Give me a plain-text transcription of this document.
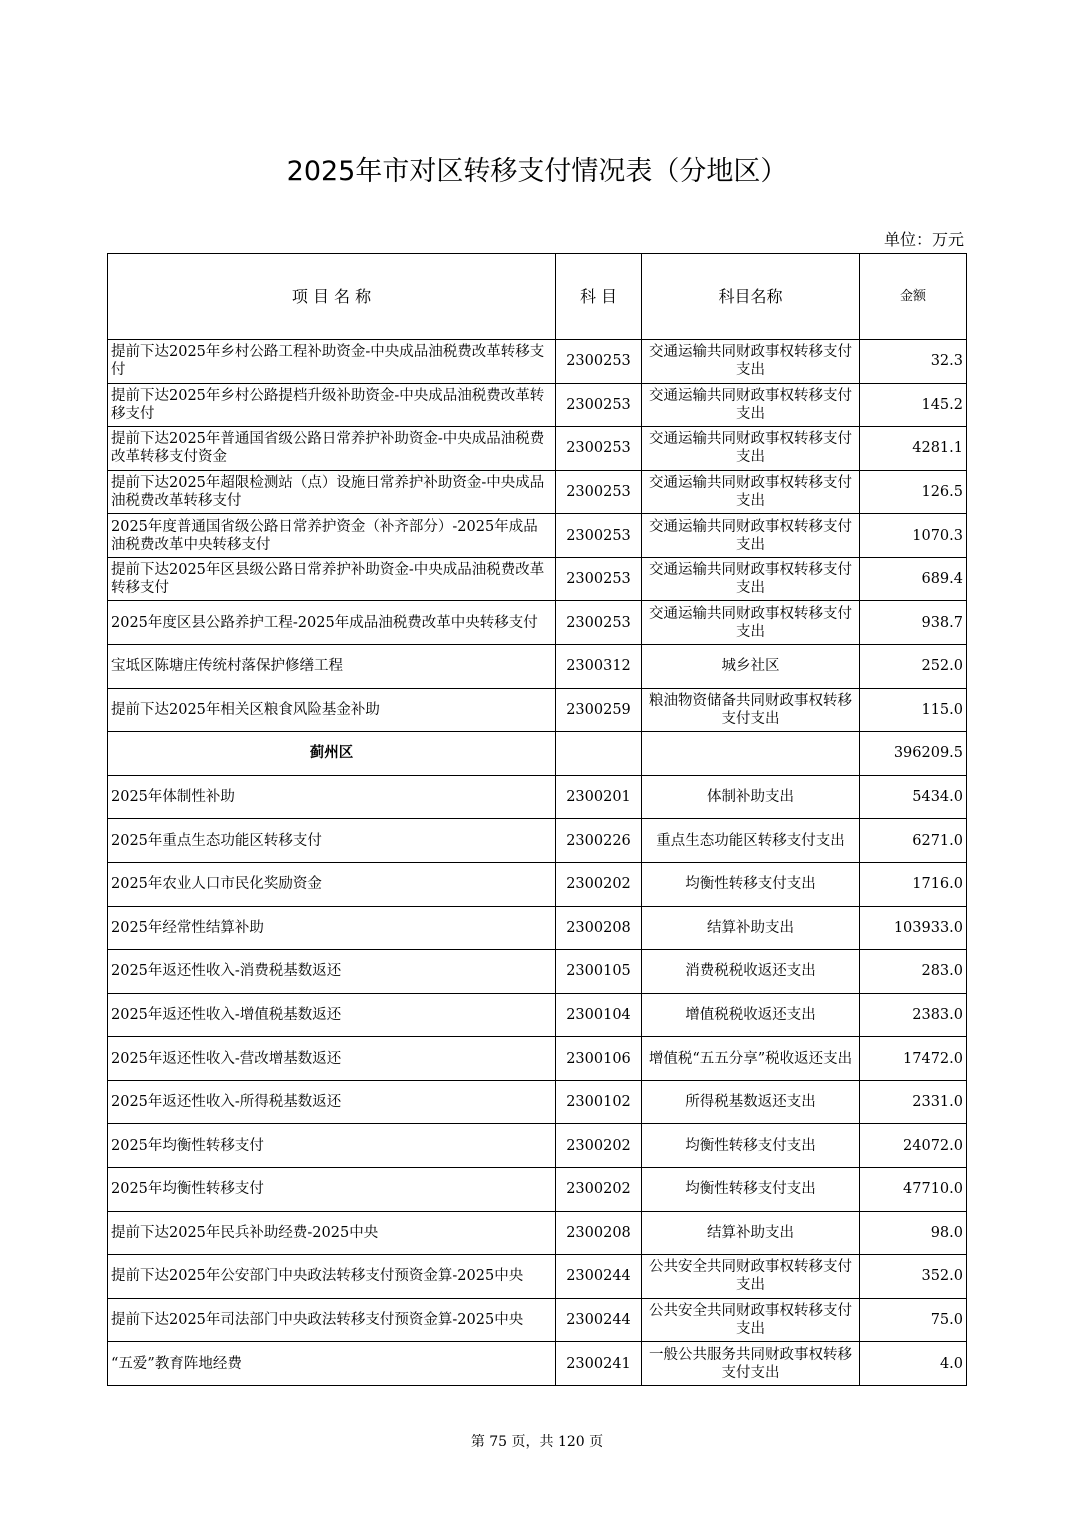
2025年市对区转移支付情况表（分地区）
单位：万元
项 目 名 称	科 目	科目名称	金额
提前下达2025年乡村公路工程补助资金-中央成品油税费改革转移支付	2300253	交通运输共同财政事权转移支付支出	32.3
提前下达2025年乡村公路提档升级补助资金-中央成品油税费改革转移支付	2300253	交通运输共同财政事权转移支付支出	145.2
提前下达2025年普通国省级公路日常养护补助资金-中央成品油税费改革转移支付资金	2300253	交通运输共同财政事权转移支付支出	4281.1
提前下达2025年超限检测站（点）设施日常养护补助资金-中央成品油税费改革转移支付	2300253	交通运输共同财政事权转移支付支出	126.5
2025年度普通国省级公路日常养护资金（补齐部分）-2025年成品油税费改革中央转移支付	2300253	交通运输共同财政事权转移支付支出	1070.3
提前下达2025年区县级公路日常养护补助资金-中央成品油税费改革转移支付	2300253	交通运输共同财政事权转移支付支出	689.4
2025年度区县公路养护工程-2025年成品油税费改革中央转移支付	2300253	交通运输共同财政事权转移支付支出	938.7
宝坻区陈塘庄传统村落保护修缮工程	2300312	城乡社区	252.0
提前下达2025年相关区粮食风险基金补助	2300259	粮油物资储备共同财政事权转移支付支出	115.0
蓟州区			396209.5
2025年体制性补助	2300201	体制补助支出	5434.0
2025年重点生态功能区转移支付	2300226	重点生态功能区转移支付支出	6271.0
2025年农业人口市民化奖励资金	2300202	均衡性转移支付支出	1716.0
2025年经常性结算补助	2300208	结算补助支出	103933.0
2025年返还性收入-消费税基数返还	2300105	消费税税收返还支出	283.0
2025年返还性收入-增值税基数返还	2300104	增值税税收返还支出	2383.0
2025年返还性收入-营改增基数返还	2300106	增值税“五五分享”税收返还支出	17472.0
2025年返还性收入-所得税基数返还	2300102	所得税基数返还支出	2331.0
2025年均衡性转移支付	2300202	均衡性转移支付支出	24072.0
2025年均衡性转移支付	2300202	均衡性转移支付支出	47710.0
提前下达2025年民兵补助经费-2025中央	2300208	结算补助支出	98.0
提前下达2025年公安部门中央政法转移支付预资金算-2025中央	2300244	公共安全共同财政事权转移支付支出	352.0
提前下达2025年司法部门中央政法转移支付预资金算-2025中央	2300244	公共安全共同财政事权转移支付支出	75.0
“五爱”教育阵地经费	2300241	一般公共服务共同财政事权转移支付支出	4.0
第 75 页，共 120 页
